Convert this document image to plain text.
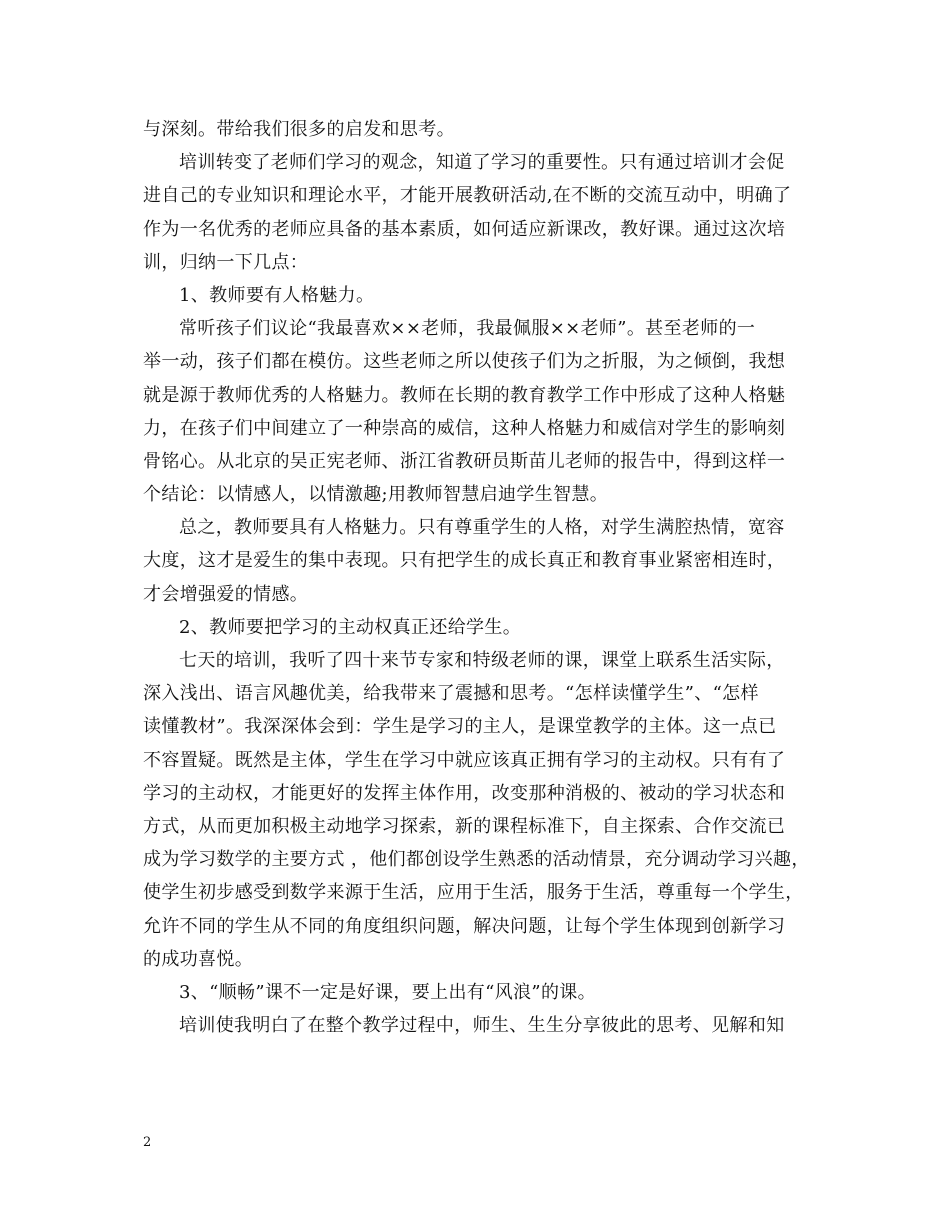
与深刻。带给我们很多的启发和思考。
培训转变了老师们学习的观念，知道了学习的重要性。只有通过培训才会促
进自己的专业知识和理论水平，才能开展教研活动,在不断的交流互动中，明确了
作为一名优秀的老师应具备的基本素质，如何适应新课改，教好课。通过这次培
训，归纳一下几点：
1、教师要有人格魅力。
常听孩子们议论“我最喜欢××老师，我最佩服××老师”。甚至老师的一
举一动，孩子们都在模仿。这些老师之所以使孩子们为之折服，为之倾倒，我想
就是源于教师优秀的人格魅力。教师在长期的教育教学工作中形成了这种人格魅
力，在孩子们中间建立了一种崇高的威信，这种人格魅力和威信对学生的影响刻
骨铭心。从北京的吴正宪老师、浙江省教研员斯苗儿老师的报告中，得到这样一
个结论：以情感人，以情激趣;用教师智慧启迪学生智慧。
总之，教师要具有人格魅力。只有尊重学生的人格，对学生满腔热情，宽容
大度，这才是爱生的集中表现。只有把学生的成长真正和教育事业紧密相连时，
才会增强爱的情感。
2、教师要把学习的主动权真正还给学生。
七天的培训，我听了四十来节专家和特级老师的课，课堂上联系生活实际，
深入浅出、语言风趣优美，给我带来了震撼和思考。“怎样读懂学生”、“怎样
读懂教材”。我深深体会到：学生是学习的主人，是课堂教学的主体。这一点已
不容置疑。既然是主体，学生在学习中就应该真正拥有学习的主动权。只有有了
学习的主动权，才能更好的发挥主体作用，改变那种消极的、被动的学习状态和
方式，从而更加积极主动地学习探索，新的课程标准下，自主探索、合作交流已
成为学习数学的主要方式 ，他们都创设学生熟悉的活动情景，充分调动学习兴趣，
使学生初步感受到数学来源于生活，应用于生活，服务于生活，尊重每一个学生，
允许不同的学生从不同的角度组织问题，解决问题，让每个学生体现到创新学习
的成功喜悦。
3、“顺畅”课不一定是好课，要上出有“风浪”的课。
培训使我明白了在整个教学过程中，师生、生生分享彼此的思考、见解和知
2
